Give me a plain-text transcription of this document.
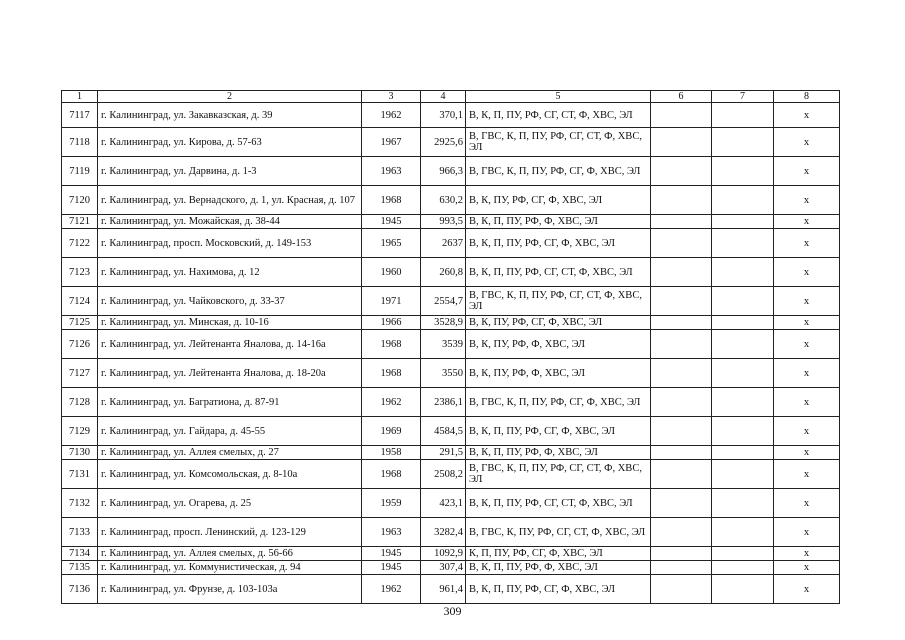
1	2	3	4	5	6	7	8
7117	г. Калининград, ул. Закавказская, д. 39	1962	370,1	В, К, П, ПУ, РФ, СГ, СТ, Ф, ХВС, ЭЛ			х
7118	г. Калининград, ул. Кирова, д. 57-63	1967	2925,6	В, ГВС, К, П, ПУ, РФ, СГ, СТ, Ф, ХВС, ЭЛ			х
7119	г. Калининград, ул. Дарвина, д. 1-3	1963	966,3	В, ГВС, К, П, ПУ, РФ, СГ, Ф, ХВС, ЭЛ			х
7120	г. Калининград, ул. Вернадского, д. 1, ул. Красная, д. 107	1968	630,2	В, К, ПУ, РФ, СГ, Ф, ХВС, ЭЛ			х
7121	г. Калининград, ул. Можайская, д. 38-44	1945	993,5	В, К, П, ПУ, РФ, Ф, ХВС, ЭЛ			х
7122	г. Калининград, просп. Московский, д. 149-153	1965	2637	В, К, П, ПУ, РФ, СГ, Ф, ХВС, ЭЛ			х
7123	г. Калининград, ул. Нахимова, д. 12	1960	260,8	В, К, П, ПУ, РФ, СГ, СТ, Ф, ХВС, ЭЛ			х
7124	г. Калининград, ул. Чайковского, д. 33-37	1971	2554,7	В, ГВС, К, П, ПУ, РФ, СГ, СТ, Ф, ХВС, ЭЛ			х
7125	г. Калининград, ул. Минская, д. 10-16	1966	3528,9	В, К, ПУ, РФ, СГ, Ф, ХВС, ЭЛ			х
7126	г. Калининград, ул. Лейтенанта Яналова, д. 14-16а	1968	3539	В, К, ПУ, РФ, Ф, ХВС, ЭЛ			х
7127	г. Калининград, ул. Лейтенанта Яналова, д. 18-20а	1968	3550	В, К, ПУ, РФ, Ф, ХВС, ЭЛ			х
7128	г. Калининград, ул. Багратиона, д. 87-91	1962	2386,1	В, ГВС, К, П, ПУ, РФ, СГ, Ф, ХВС, ЭЛ			х
7129	г. Калининград, ул. Гайдара, д. 45-55	1969	4584,5	В, К, П, ПУ, РФ, СГ, Ф, ХВС, ЭЛ			х
7130	г. Калининград, ул. Аллея смелых, д. 27	1958	291,5	В, К, П, ПУ, РФ, Ф, ХВС, ЭЛ			х
7131	г. Калининград, ул. Комсомольская, д. 8-10а	1968	2508,2	В, ГВС, К, П, ПУ, РФ, СГ, СТ, Ф, ХВС, ЭЛ			х
7132	г. Калининград, ул. Огарева, д. 25	1959	423,1	В, К, П, ПУ, РФ, СГ, СТ, Ф, ХВС, ЭЛ			х
7133	г. Калининград, просп. Ленинский, д. 123-129	1963	3282,4	В, ГВС, К, ПУ, РФ, СГ, СТ, Ф, ХВС, ЭЛ			х
7134	г. Калининград, ул. Аллея смелых, д. 56-66	1945	1092,9	К, П, ПУ, РФ, СГ, Ф, ХВС, ЭЛ			х
7135	г. Калининград, ул. Коммунистическая, д. 94	1945	307,4	В, К, П, ПУ, РФ, Ф, ХВС, ЭЛ			х
7136	г. Калининград, ул. Фрунзе, д. 103-103а	1962	961,4	В, К, П, ПУ, РФ, СГ, Ф, ХВС, ЭЛ			х
309
